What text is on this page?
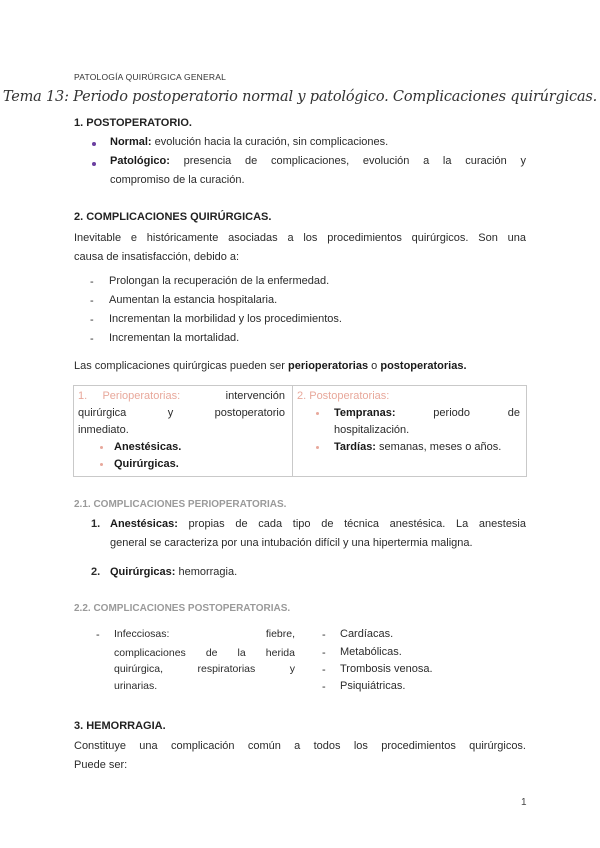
PATOLOGÍA QUIRÚRGICA GENERAL
Tema 13: Periodo postoperatorio normal y patológico. Complicaciones quirúrgicas.
1. POSTOPERATORIO.
Normal: evolución hacia la curación, sin complicaciones.
Patológico: presencia de complicaciones, evolución a la curación y
compromiso de la curación.
2. COMPLICACIONES QUIRÚRGICAS.
Inevitable e históricamente asociadas a los procedimientos quirúrgicos. Son una
causa de insatisfacción, debido a:
- Prolongan la recuperación de la enfermedad.
- Aumentan la estancia hospitalaria.
- Incrementan la morbilidad y los procedimientos.
- Incrementan la mortalidad.
Las complicaciones quirúrgicas pueden ser perioperatorias o postoperatorias.
1. Perioperatorias:	intervención
quirúrgica	y	postoperatorio
inmediato.
Anestésicas.
Quirúrgicas.
2. Postoperatorias:
Tempranas:	periodo	de
hospitalización.
Tardías: semanas, meses o años.
2.1. COMPLICACIONES PERIOPERATORIAS.
1. Anestésicas: propias de cada tipo de técnica anestésica. La anestesia
general se caracteriza por una intubación difícil y una hipertermia maligna.
2. Quirúrgicas: hemorragia.
2.2. COMPLICACIONES POSTOPERATORIAS.
- Infecciosas:	fiebre,
complicaciones de la herida
quirúrgica,	respiratorias	y
urinarias.
- Cardíacas.
- Metabólicas.
- Trombosis venosa.
- Psiquiátricas.
3. HEMORRAGIA.
Constituye una complicación común a todos los procedimientos quirúrgicos.
Puede ser:
1
